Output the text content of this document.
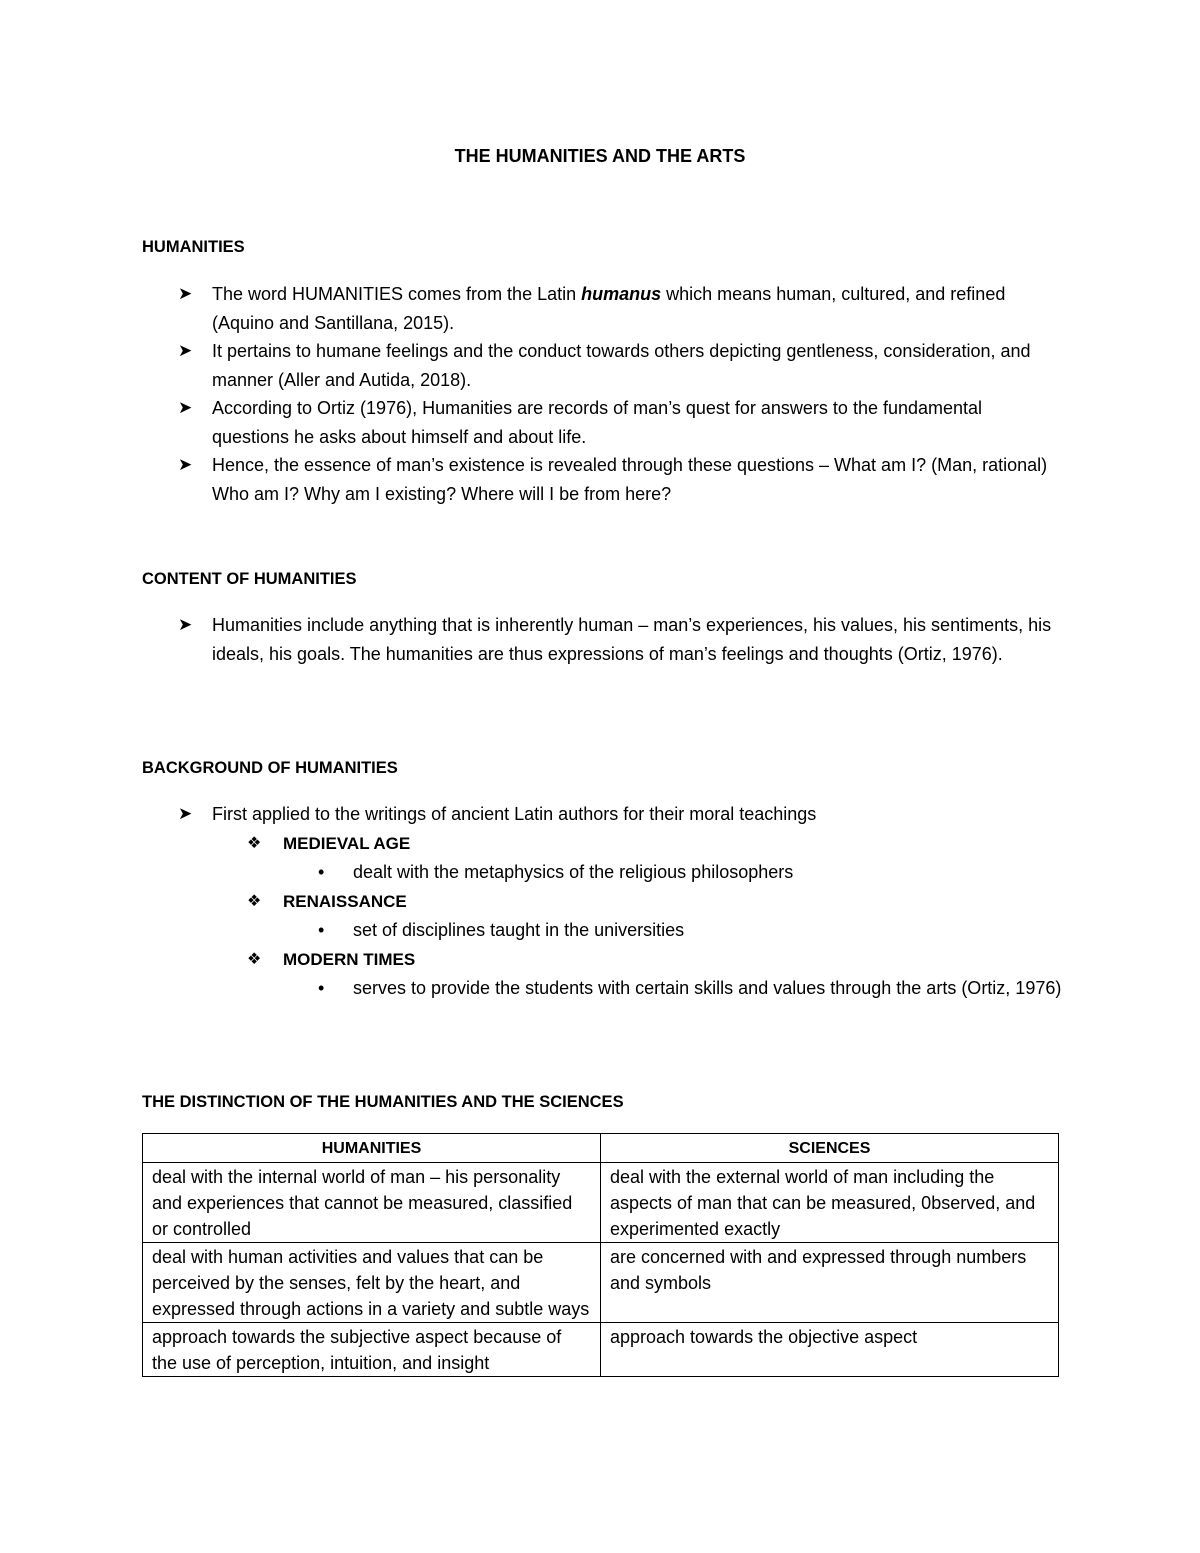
THE HUMANITIES AND THE ARTS
HUMANITIES
➤ The word HUMANITIES comes from the Latin humanus which means human, cultured, and refined (Aquino and Santillana, 2015).
➤ It pertains to humane feelings and the conduct towards others depicting gentleness, consideration, and manner (Aller and Autida, 2018).
➤ According to Ortiz (1976), Humanities are records of man’s quest for answers to the fundamental questions he asks about himself and about life.
➤ Hence, the essence of man’s existence is revealed through these questions – What am I? (Man, rational) Who am I? Why am I existing? Where will I be from here?
CONTENT OF HUMANITIES
➤ Humanities include anything that is inherently human – man’s experiences, his values, his sentiments, his ideals, his goals. The humanities are thus expressions of man’s feelings and thoughts (Ortiz, 1976).
BACKGROUND OF HUMANITIES
➤ First applied to the writings of ancient Latin authors for their moral teachings
❖ MEDIEVAL AGE
• dealt with the metaphysics of the religious philosophers
❖ RENAISSANCE
• set of disciplines taught in the universities
❖ MODERN TIMES
• serves to provide the students with certain skills and values through the arts (Ortiz, 1976)
THE DISTINCTION OF THE HUMANITIES AND THE SCIENCES
HUMANITIES	SCIENCES
deal with the internal world of man – his personality and experiences that cannot be measured, classified or controlled	deal with the external world of man including the aspects of man that can be measured, 0bserved, and experimented exactly
deal with human activities and values that can be perceived by the senses, felt by the heart, and expressed through actions in a variety and subtle ways	are concerned with and expressed through numbers and symbols
approach towards the subjective aspect because of the use of perception, intuition, and insight	approach towards the objective aspect
